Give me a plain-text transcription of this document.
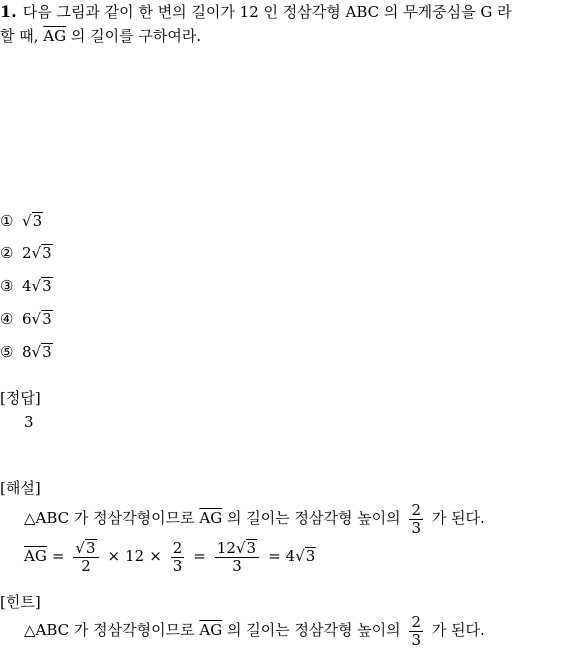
1. 다음 그림과 같이 한 변의 길이가 12 인 정삼각형 ABC 의 무게중심을 G 라
할 때, $\overline{AG}$ 의 길이를 구하여라.
① √3
② 2√3
③ 4√3
④ 6√3
⑤ 8√3
[정답]
3
[해설]
△ABC 가 정삼각형이므로 $\overline{AG}$ 의 길이는 정삼각형 높이의 $\frac{2}{3}$ 가 된다.
$\overline{AG} = \frac{√3}{2} \times 12 \times \frac{2}{3} = \frac{12√3}{3} = 4√3$
[힌트]
△ABC 가 정삼각형이므로 $\overline{AG}$ 의 길이는 정삼각형 높이의 $\frac{2}{3}$ 가 된다.
